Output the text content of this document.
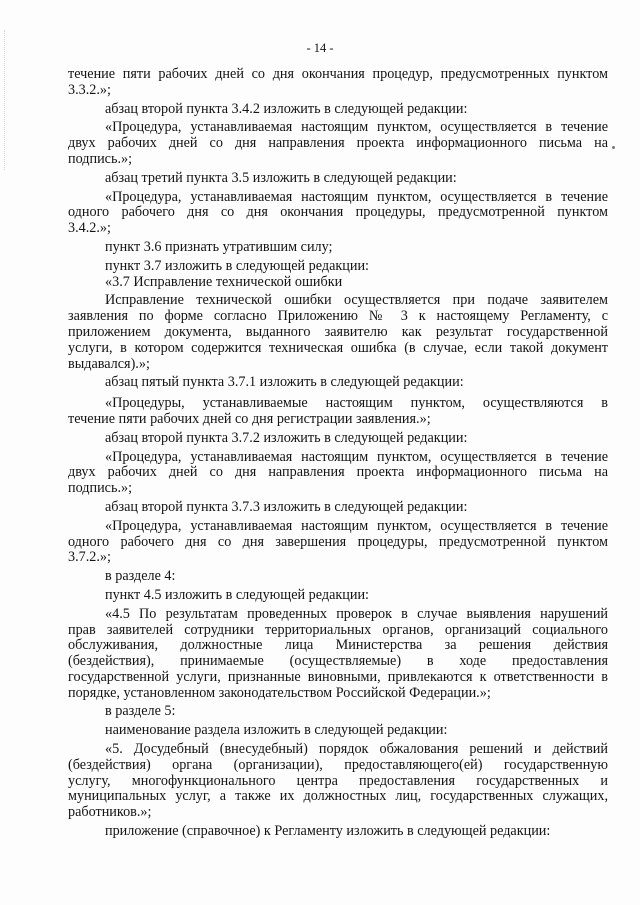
- 14 -
течение пяти рабочих дней со дня окончания процедур, предусмотренных пунктом
3.3.2.»;
абзац второй пункта 3.4.2 изложить в следующей редакции:
«Процедура, устанавливаемая настоящим пунктом, осуществляется в течение
двух рабочих дней со дня направления проекта информационного письма на
подпись.»;
абзац третий пункта 3.5 изложить в следующей редакции:
«Процедура, устанавливаемая настоящим пунктом, осуществляется в течение
одного рабочего дня со дня окончания процедуры, предусмотренной пунктом
3.4.2.»;
пункт 3.6 признать утратившим силу;
пункт 3.7 изложить в следующей редакции:
«3.7 Исправление технической ошибки
Исправление технической ошибки осуществляется при подаче заявителем
заявления по форме согласно Приложению № 3 к настоящему Регламенту, с
приложением документа, выданного заявителю как результат государственной
услуги, в котором содержится техническая ошибка (в случае, если такой документ
выдавался).»;
абзац пятый пункта 3.7.1 изложить в следующей редакции:
«Процедуры, устанавливаемые настоящим пунктом, осуществляются в
течение пяти рабочих дней со дня регистрации заявления.»;
абзац второй пункта 3.7.2 изложить в следующей редакции:
«Процедура, устанавливаемая настоящим пунктом, осуществляется в течение
двух рабочих дней со дня направления проекта информационного письма на
подпись.»;
абзац второй пункта 3.7.3 изложить в следующей редакции:
«Процедура, устанавливаемая настоящим пунктом, осуществляется в течение
одного рабочего дня со дня завершения процедуры, предусмотренной пунктом
3.7.2.»;
в разделе 4:
пункт 4.5 изложить в следующей редакции:
«4.5 По результатам проведенных проверок в случае выявления нарушений
прав заявителей сотрудники территориальных органов, организаций социального
обслуживания, должностные лица Министерства за решения действия
(бездействия), принимаемые (осуществляемые) в ходе предоставления
государственной услуги, признанные виновными, привлекаются к ответственности в
порядке, установленном законодательством Российской Федерации.»;
в разделе 5:
наименование раздела изложить в следующей редакции:
«5. Досудебный (внесудебный) порядок обжалования решений и действий
(бездействия) органа (организации), предоставляющего(ей) государственную
услугу, многофункционального центра предоставления государственных и
муниципальных услуг, а также их должностных лиц, государственных служащих,
работников.»;
приложение (справочное) к Регламенту изложить в следующей редакции:
